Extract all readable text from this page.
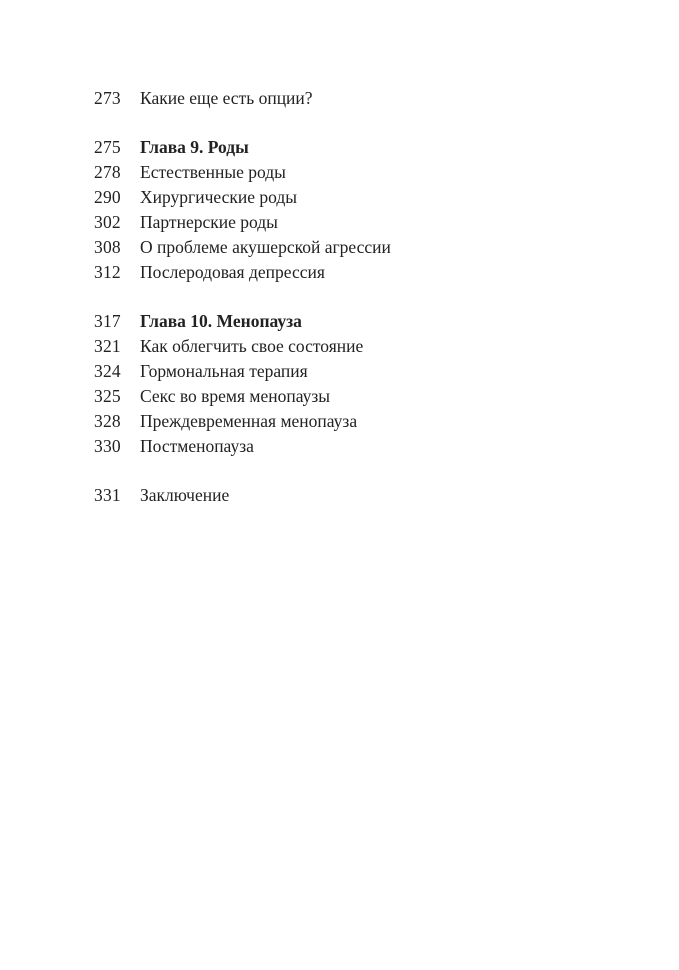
273	Какие еще есть опции?
275	Глава 9. Роды
278	Естественные роды
290	Хирургические роды
302	Партнерские роды
308	О проблеме акушерской агрессии
312	Послеродовая депрессия
317	Глава 10. Менопауза
321	Как облегчить свое состояние
324	Гормональная терапия
325	Секс во время менопаузы
328	Преждевременная менопауза
330	Постменопауза
331	Заключение
